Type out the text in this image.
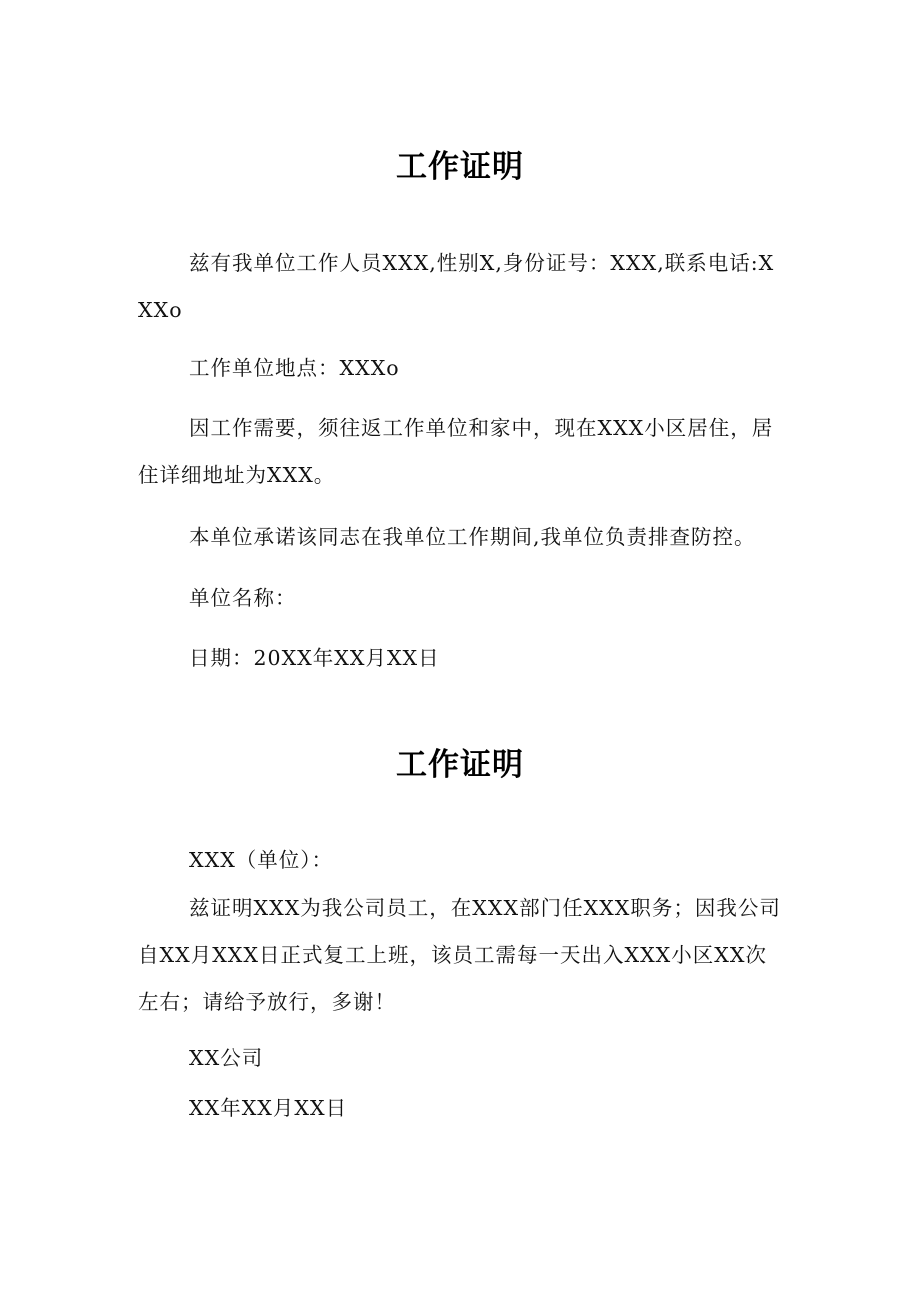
工作证明
兹有我单位工作人员XXX,性别X,身份证号：XXX,联系电话:XXXo
工作单位地点：XXXo
因工作需要，须往返工作单位和家中，现在XXX小区居住，居住详细地址为XXX。
本单位承诺该同志在我单位工作期间,我单位负责排查防控。
单位名称：
日期：20XX年XX月XX日
工作证明
XXX（单位）：
兹证明XXX为我公司员工，在XXX部门任XXX职务；因我公司自XX月XXX日正式复工上班，该员工需每一天出入XXX小区XX次左右；请给予放行，多谢！
XX公司
XX年XX月XX日
